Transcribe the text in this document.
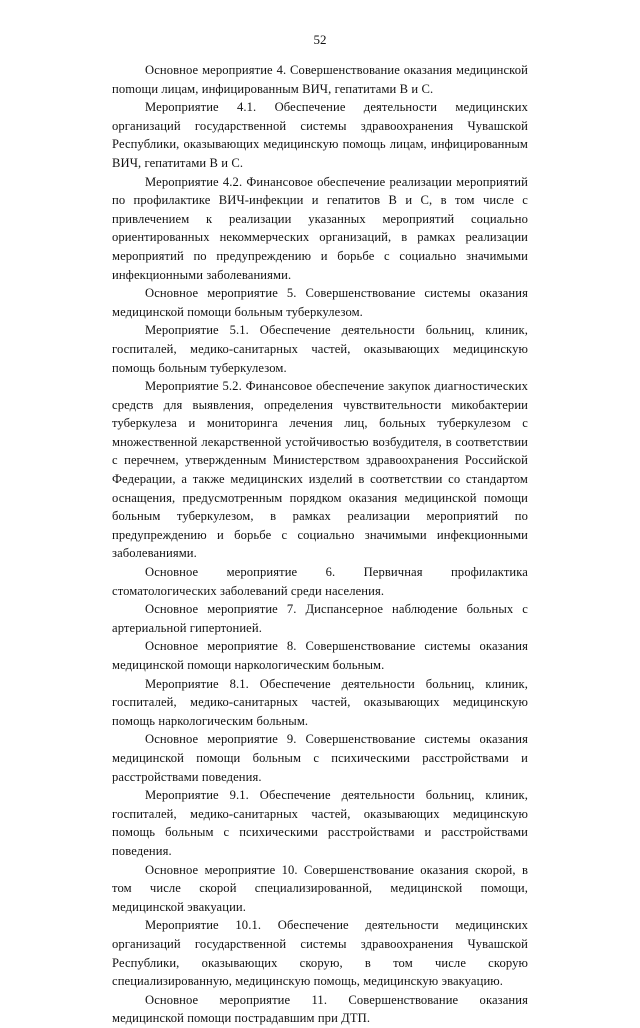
52

Основное мероприятие 4. Совершенствование оказания медицинской поmощи лицам, инфицированным ВИЧ, гепатитами В и С.

Мероприятие 4.1. Обеспечение деятельности медицинских организаций государственной системы здравоохранения Чувашской Республики, оказывающих медицинскую помощь лицам, инфицированным ВИЧ, гепатитами В и С.

Мероприятие 4.2. Финансовое обеспечение реализации мероприятий по профилактике ВИЧ-инфекции и гепатитов В и С, в том числе с привлечением к реализации указанных мероприятий социально ориентированных некоммерческих организаций, в рамках реализации мероприятий по предупреждению и борьбе с социально значимыми инфекционными заболеваниями.

Основное мероприятие 5. Совершенствование системы оказания медицинской помощи больным туберкулезом.

Мероприятие 5.1. Обеспечение деятельности больниц, клиник, госпиталей, медико-санитарных частей, оказывающих медицинскую помощь больным туберкулезом.

Мероприятие 5.2. Финансовое обеспечение закупок диагностических средств для выявления, определения чувствительности микобактерии туберкулеза и мониторинга лечения лиц, больных туберкулезом с множественной лекарственной устойчивостью возбудителя, в соответствии с перечнем, утвержденным Министерством здравоохранения Российской Федерации, а также медицинских изделий в соответствии со стандартом оснащения, предусмотренным порядком оказания медицинской помощи больным туберкулезом, в рамках реализации мероприятий по предупреждению и борьбе с социально значимыми инфекционными заболеваниями.

Основное мероприятие 6. Первичная профилактика стоматологических заболеваний среди населения.

Основное мероприятие 7. Диспансерное наблюдение больных с артериальной гипертонией.

Основное мероприятие 8. Совершенствование системы оказания медицинской помощи наркологическим больным.

Мероприятие 8.1. Обеспечение деятельности больниц, клиник, госпиталей, медико-санитарных частей, оказывающих медицинскую помощь наркологическим больным.

Основное мероприятие 9. Совершенствование системы оказания медицинской помощи больным с психическими расстройствами и расстройствами поведения.

Мероприятие 9.1. Обеспечение деятельности больниц, клиник, госпиталей, медико-санитарных частей, оказывающих медицинскую помощь больным с психическими расстройствами и расстройствами поведения.

Основное мероприятие 10. Совершенствование оказания скорой, в том числе скорой специализированной, медицинской помощи, медицинской эвакуации.

Мероприятие 10.1. Обеспечение деятельности медицинских организаций государственной системы здравоохранения Чувашской Республики, оказывающих скорую, в том числе скорую специализированную, медицинскую помощь, медицинскую эвакуацию.

Основное мероприятие 11. Совершенствование оказания медицинской помощи пострадавшим при ДТП.
